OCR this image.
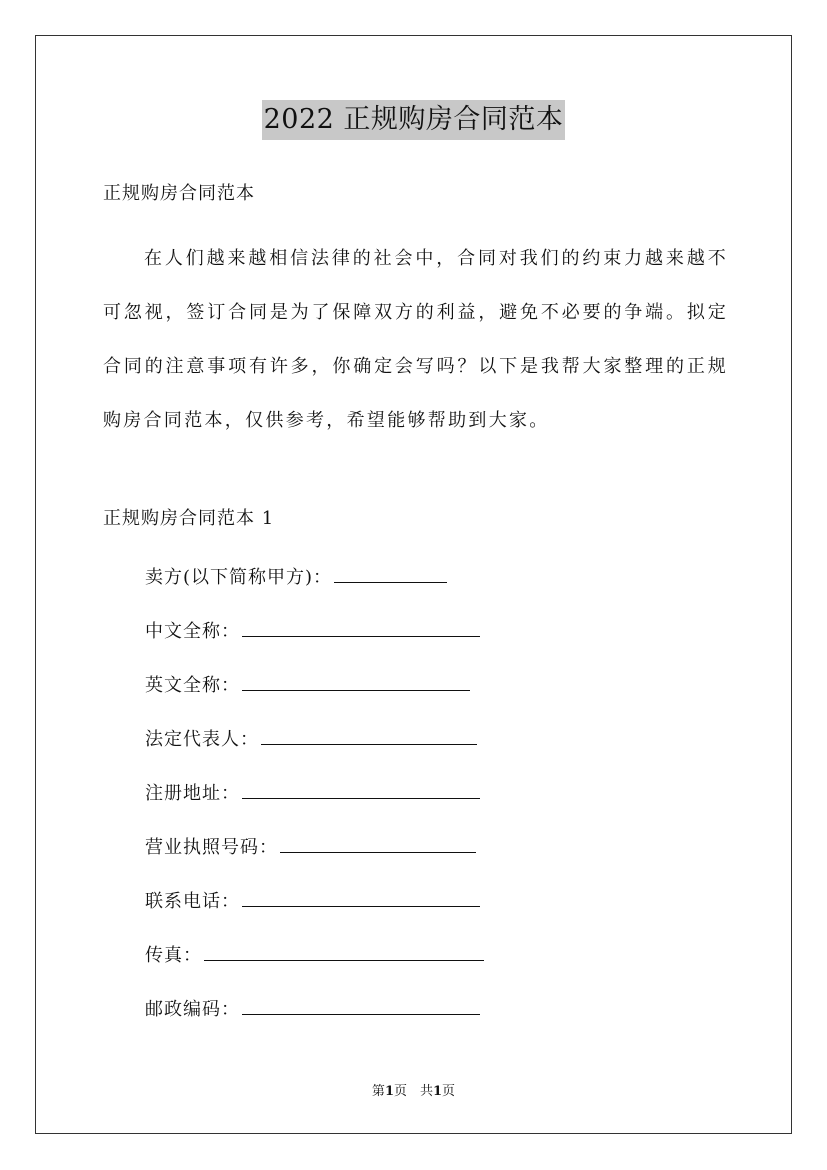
2022 正规购房合同范本
正规购房合同范本

在人们越来越相信法律的社会中，合同对我们的约束力越来越不可忽视，签订合同是为了保障双方的利益，避免不必要的争端。拟定合同的注意事项有许多，你确定会写吗？以下是我帮大家整理的正规购房合同范本，仅供参考，希望能够帮助到大家。

正规购房合同范本 1
卖方(以下简称甲方)：
中文全称：
英文全称：
法定代表人：
注册地址：
营业执照号码：
联系电话：
传真：
邮政编码：
第1页　共1页
